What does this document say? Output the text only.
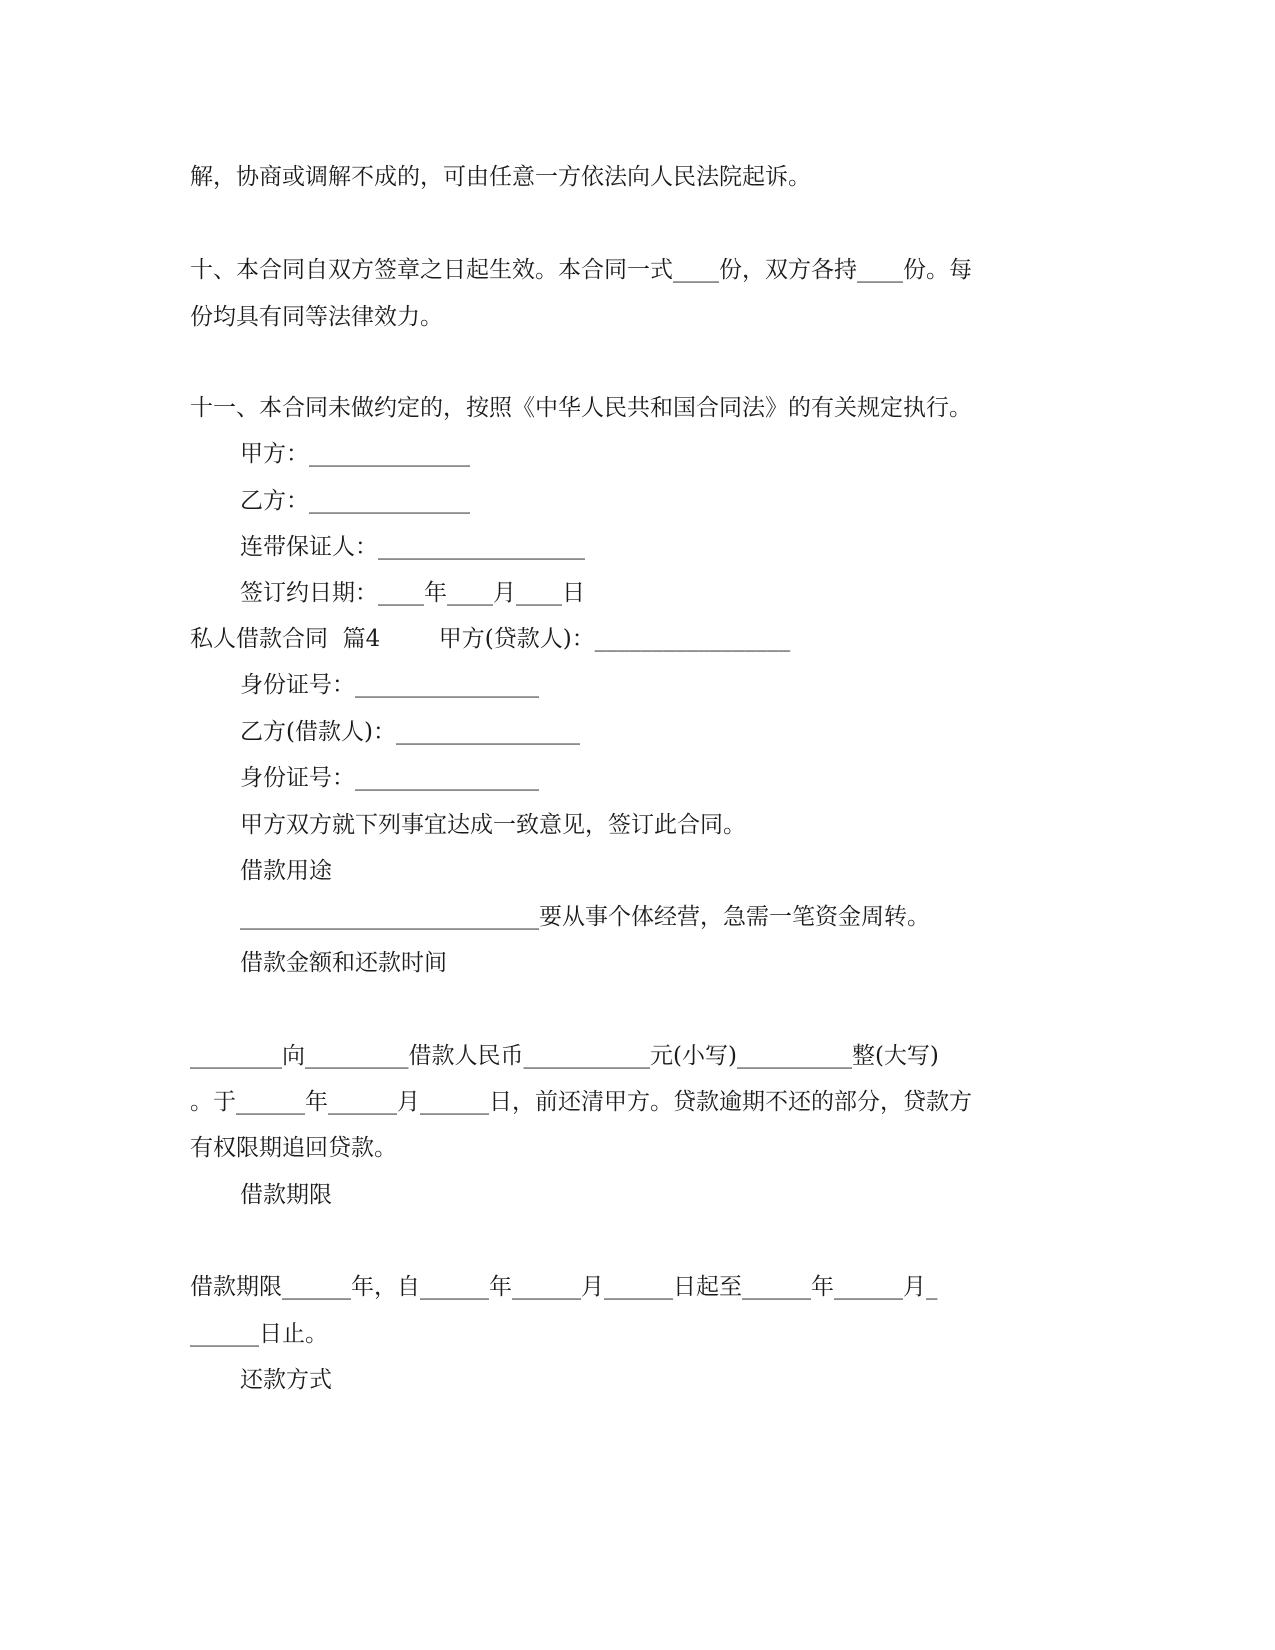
解，协商或调解不成的，可由任意一方依法向人民法院起诉。

十、本合同自双方签章之日起生效。本合同一式____份，双方各持____份。每

份均具有同等法律效力。

十一、本合同未做约定的，按照《中华人民共和国合同法》的有关规定执行。

甲方：______________

乙方：______________

连带保证人：__________________

签订约日期：____年____月____日

私人借款合同  篇4        甲方(贷款人)：_________________

身份证号：________________

乙方(借款人)：________________

身份证号：________________

甲方双方就下列事宜达成一致意见，签订此合同。

借款用途

__________________________要从事个体经营，急需一笔资金周转。

借款金额和还款时间

________向_________借款人民币___________元(小写)__________整(大写)

。于______年______月______日，前还清甲方。贷款逾期不还的部分，贷款方

有权限期追回贷款。

借款期限

借款期限______年，自______年______月______日起至______年______月_

______日止。

还款方式
